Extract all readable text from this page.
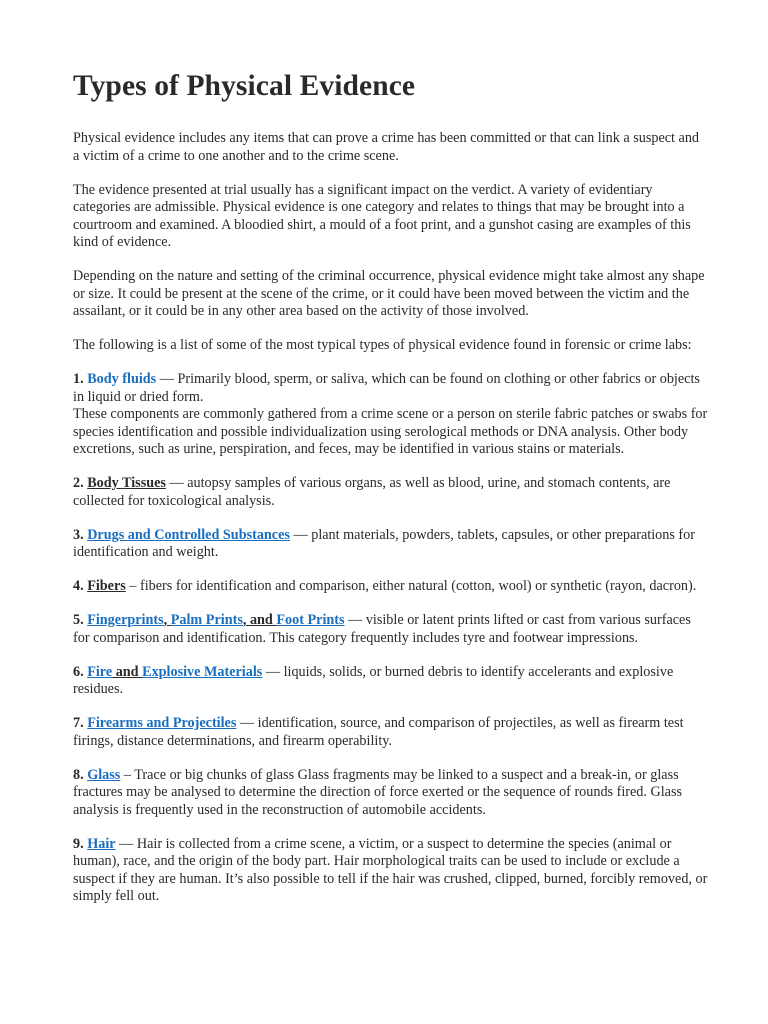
Types of Physical Evidence

Physical evidence includes any items that can prove a crime has been committed or that can link a suspect and a victim of a crime to one another and to the crime scene.

The evidence presented at trial usually has a significant impact on the verdict. A variety of evidentiary categories are admissible. Physical evidence is one category and relates to things that may be brought into a courtroom and examined. A bloodied shirt, a mould of a foot print, and a gunshot casing are examples of this kind of evidence.

Depending on the nature and setting of the criminal occurrence, physical evidence might take almost any shape or size. It could be present at the scene of the crime, or it could have been moved between the victim and the assailant, or it could be in any other area based on the activity of those involved.

The following is a list of some of the most typical types of physical evidence found in forensic or crime labs:

1. Body fluids — Primarily blood, sperm, or saliva, which can be found on clothing or other fabrics or objects in liquid or dried form.
These components are commonly gathered from a crime scene or a person on sterile fabric patches or swabs for species identification and possible individualization using serological methods or DNA analysis. Other body excretions, such as urine, perspiration, and feces, may be identified in various stains or materials.

2. Body Tissues — autopsy samples of various organs, as well as blood, urine, and stomach contents, are collected for toxicological analysis.

3. Drugs and Controlled Substances — plant materials, powders, tablets, capsules, or other preparations for identification and weight.

4. Fibers – fibers for identification and comparison, either natural (cotton, wool) or synthetic (rayon, dacron).

5. Fingerprints, Palm Prints, and Foot Prints — visible or latent prints lifted or cast from various surfaces for comparison and identification. This category frequently includes tyre and footwear impressions.

6. Fire and Explosive Materials — liquids, solids, or burned debris to identify accelerants and explosive residues.

7. Firearms and Projectiles — identification, source, and comparison of projectiles, as well as firearm test firings, distance determinations, and firearm operability.

8. Glass – Trace or big chunks of glass Glass fragments may be linked to a suspect and a break-in, or glass fractures may be analysed to determine the direction of force exerted or the sequence of rounds fired. Glass analysis is frequently used in the reconstruction of automobile accidents.

9. Hair — Hair is collected from a crime scene, a victim, or a suspect to determine the species (animal or human), race, and the origin of the body part. Hair morphological traits can be used to include or exclude a suspect if they are human. It’s also possible to tell if the hair was crushed, clipped, burned, forcibly removed, or simply fell out.
